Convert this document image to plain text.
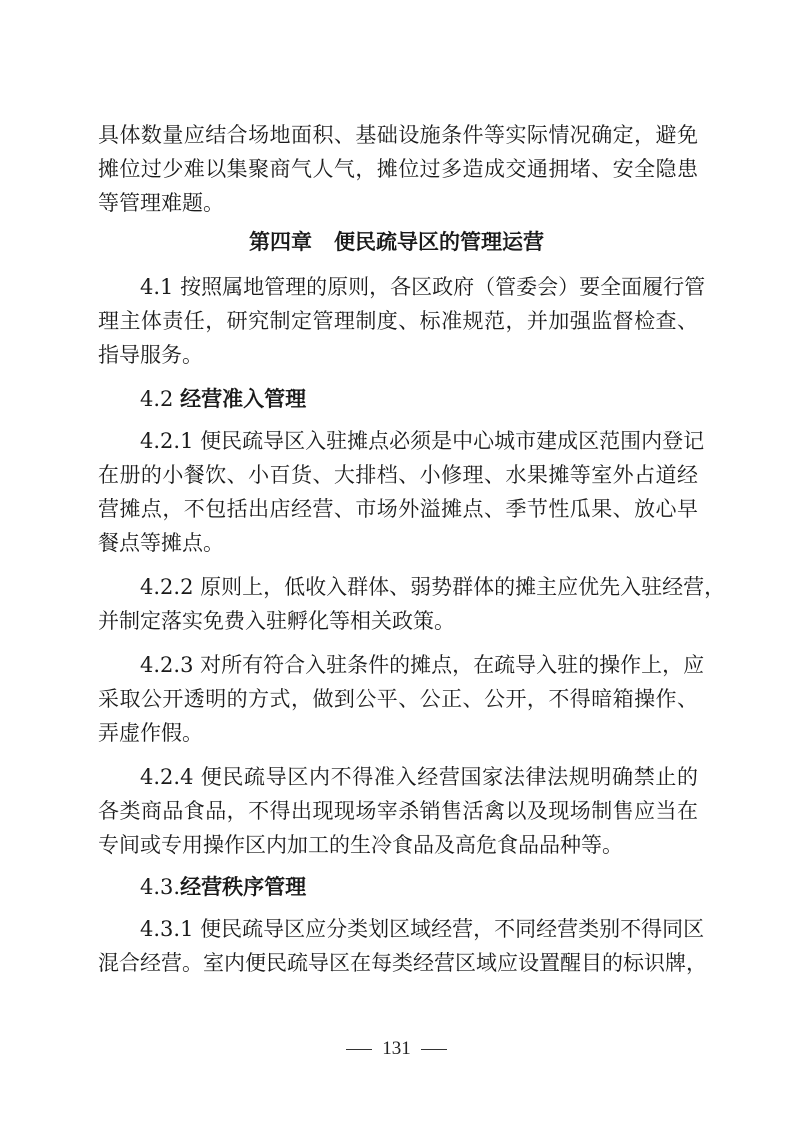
具体数量应结合场地面积、基础设施条件等实际情况确定，避免
摊位过少难以集聚商气人气，摊位过多造成交通拥堵、安全隐患
等管理难题。
第四章 便民疏导区的管理运营
4.1 按照属地管理的原则，各区政府（管委会）要全面履行管
理主体责任，研究制定管理制度、标准规范，并加强监督检查、
指导服务。
4.2 经营准入管理
4.2.1 便民疏导区入驻摊点必须是中心城市建成区范围内登记
在册的小餐饮、小百货、大排档、小修理、水果摊等室外占道经
营摊点，不包括出店经营、市场外溢摊点、季节性瓜果、放心早
餐点等摊点。
4.2.2 原则上，低收入群体、弱势群体的摊主应优先入驻经营，
并制定落实免费入驻孵化等相关政策。
4.2.3 对所有符合入驻条件的摊点，在疏导入驻的操作上，应
采取公开透明的方式，做到公平、公正、公开，不得暗箱操作、
弄虚作假。
4.2.4 便民疏导区内不得准入经营国家法律法规明确禁止的
各类商品食品，不得出现现场宰杀销售活禽以及现场制售应当在
专间或专用操作区内加工的生冷食品及高危食品品种等。
4.3.经营秩序管理
4.3.1 便民疏导区应分类划区域经营，不同经营类别不得同区
混合经营。室内便民疏导区在每类经营区域应设置醒目的标识牌，
131
